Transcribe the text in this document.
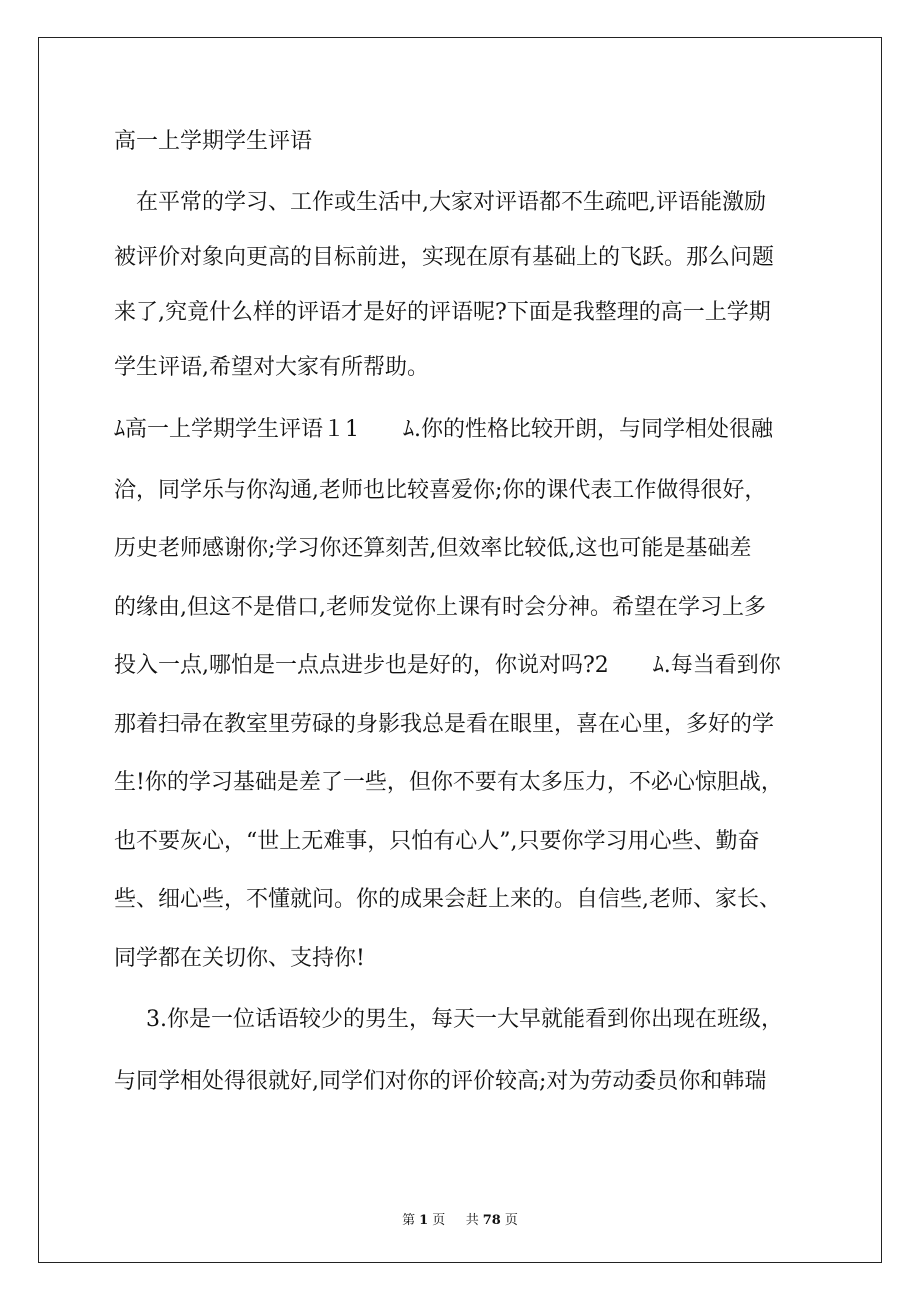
高一上学期学生评语
在平常的学习、工作或生活中,大家对评语都不生疏吧,评语能激励
被评价对象向更高的目标前进，实现在原有基础上的飞跃。那么问题
来了,究竟什么样的评语才是好的评语呢?下面是我整理的高一上学期
学生评语,希望对大家有所帮助。
ﾑ高一上学期学生评语１1　　ﾑ.你的性格比较开朗，与同学相处很融
洽，同学乐与你沟通,老师也比较喜爱你;你的课代表工作做得很好，
历史老师感谢你;学习你还算刻苦,但效率比较低,这也可能是基础差
的缘由,但这不是借口,老师发觉你上课有时会分神。希望在学习上多
投入一点,哪怕是一点点进步也是好的，你说对吗?2　　ﾑ.每当看到你
那着扫帚在教室里劳碌的身影我总是看在眼里，喜在心里，多好的学
生!你的学习基础是差了一些，但你不要有太多压力，不必心惊胆战，
也不要灰心，“世上无难事，只怕有心人”,只要你学习用心些、勤奋
些、细心些，不懂就问。你的成果会赶上来的。自信些,老师、家长、
同学都在关切你、支持你!
3.你是一位话语较少的男生，每天一大早就能看到你出现在班级，
与同学相处得很就好,同学们对你的评价较高;对为劳动委员你和韩瑞
第 1 页 共 78 页
